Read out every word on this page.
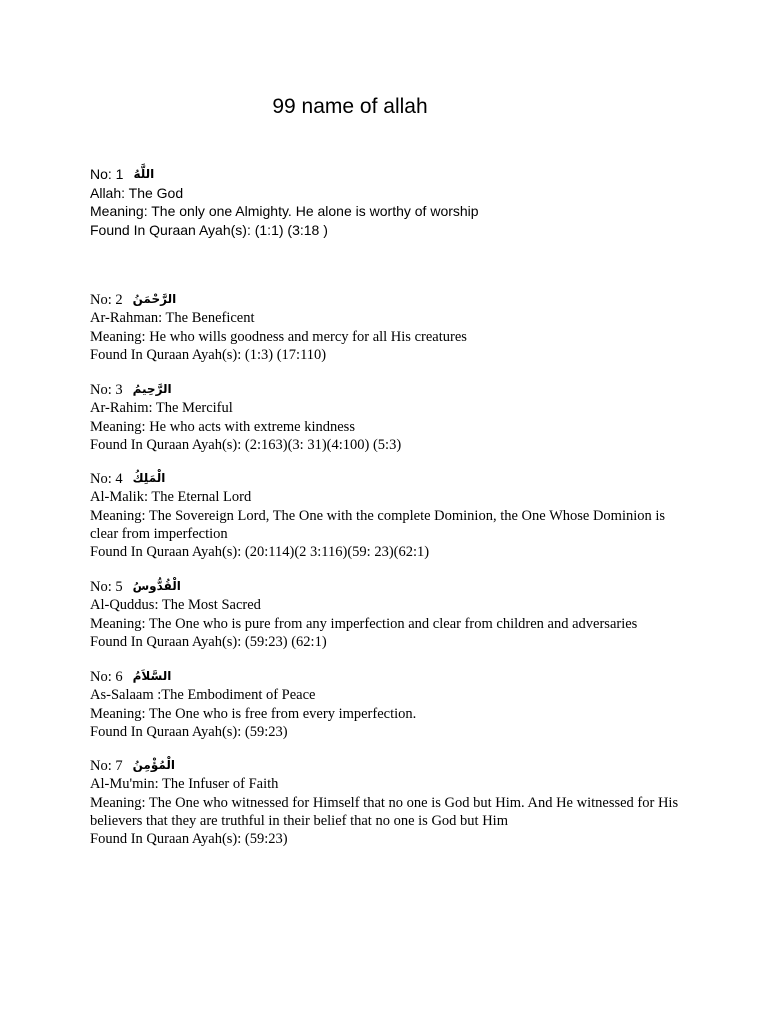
99 name of allah
No: 1 اللَّهُ
Allah: The God
Meaning: The only one Almighty. He alone is worthy of worship
Found In Quraan Ayah(s): (1:1) (3:18 )
No: 2 الرَّحْمَنُ
Ar-Rahman: The Beneficent
Meaning: He who wills goodness and mercy for all His creatures
Found In Quraan Ayah(s): (1:3) (17:110)
No: 3 الرَّحِيمُ
Ar-Rahim: The Merciful
Meaning: He who acts with extreme kindness
Found In Quraan Ayah(s): (2:163)(3: 31)(4:100) (5:3)
No: 4 الْمَلِكُ
Al-Malik: The Eternal Lord
Meaning: The Sovereign Lord, The One with the complete Dominion, the One Whose Dominion is clear from imperfection
Found In Quraan Ayah(s): (20:114)(2 3:116)(59: 23)(62:1)
No: 5 الْقُدُّوسُ
Al-Quddus: The Most Sacred
Meaning: The One who is pure from any imperfection and clear from children and adversaries
Found In Quraan Ayah(s): (59:23) (62:1)
No: 6 السَّلاَمُ
As-Salaam :The Embodiment of Peace
Meaning: The One who is free from every imperfection.
Found In Quraan Ayah(s): (59:23)
No: 7 الْمُؤْمِنُ
Al-Mu'min: The Infuser of Faith
Meaning: The One who witnessed for Himself that no one is God but Him. And He witnessed for His believers that they are truthful in their belief that no one is God but Him
Found In Quraan Ayah(s): (59:23)
